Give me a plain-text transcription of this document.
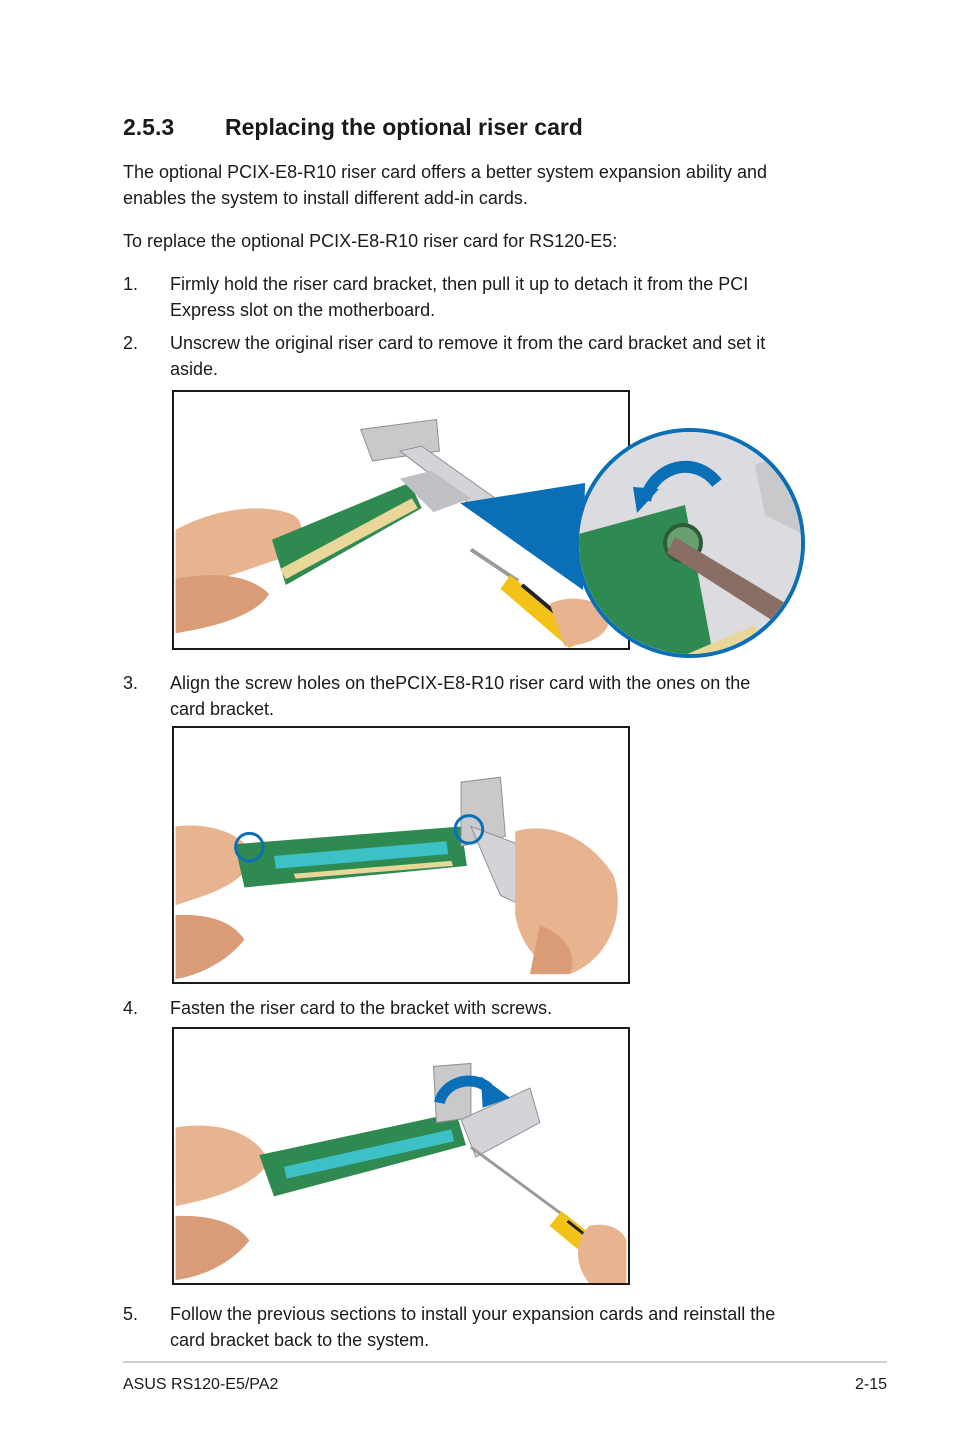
2.5.3 Replacing the optional riser card
The optional PCIX-E8-R10 riser card offers a better system expansion ability and
enables the system to install different add-in cards.
To replace the optional PCIX-E8-R10 riser card for RS120-E5:
1.	Firmly hold the riser card bracket, then pull it up to detach it from the PCI
Express slot on the motherboard.
2.	Unscrew the original riser card to remove it from the card bracket and set it
aside.
3.	Align the screw holes on thePCIX-E8-R10 riser card with the ones on the
card bracket.
4.	Fasten the riser card to the bracket with screws.
5.	Follow the previous sections to install your expansion cards and reinstall the
card bracket back to the system.
ASUS RS120-E5/PA2	2-15
